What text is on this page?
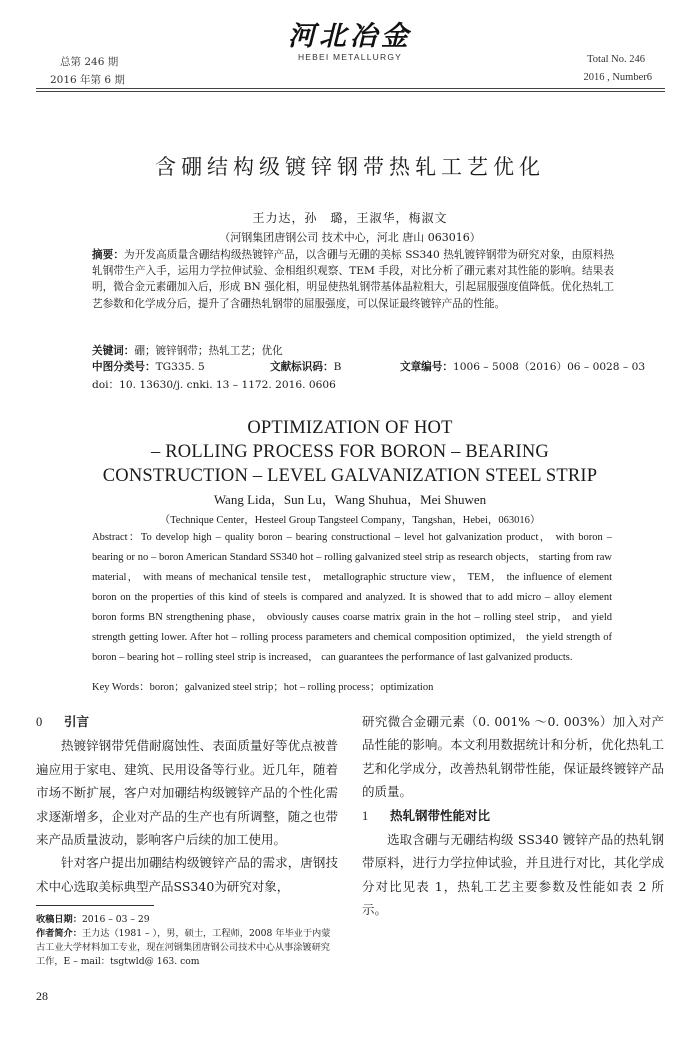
总第 246 期
2016 年第 6 期
河北冶金
HEBEI METALLURGY	Total No. 246
2016 , Number6
含硼结构级镀锌钢带热轧工艺优化
王力达，孙　璐，王淑华，梅淑文
（河钢集团唐钢公司 技术中心，河北 唐山 063016）
摘要：为开发高质量含硼结构级热镀锌产品，以含硼与无硼的美标 SS340 热轧镀锌钢带为研究对象，由原料热轧钢带生产入手，运用力学拉伸试验、金相组织观察、TEM 手段，对比分析了硼元素对其性能的影响。结果表明，微合金元素硼加入后，形成 BN 强化相，明显使热轧钢带基体晶粒粗大，引起屈服强度值降低。优化热轧工艺参数和化学成分后，提升了含硼热轧钢带的屈服强度，可以保证最终镀锌产品的性能。
关键词：硼；镀锌钢带；热轧工艺；优化
中图分类号：TG335. 5	文献标识码：B	文章编号：1006 – 5008（2016）06 – 0028 – 03
doi：10. 13630/j. cnki. 13 – 1172. 2016. 0606
OPTIMIZATION OF HOT
– ROLLING PROCESS FOR BORON – BEARING
CONSTRUCTION – LEVEL GALVANIZATION STEEL STRIP
Wang Lida，Sun Lu，Wang Shuhua，Mei Shuwen
（Technique Center，Hesteel Group Tangsteel Company，Tangshan，Hebei，063016）
Abstract：To develop high – quality boron – bearing constructional – level hot galvanization product， with boron – bearing or no – boron American Standard SS340 hot – rolling galvanized steel strip as research objects， starting from raw material， with means of mechanical tensile test， metallographic structure view， TEM， the influence of element boron on the properties of this kind of steels is compared and analyzed. It is showed that to add micro – alloy element boron forms BN strengthening phase， obviously causes coarse matrix grain in the hot – rolling steel strip， and yield strength getting lower. After hot – rolling process parameters and chemical composition optimized， the yield strength of boron – bearing hot – rolling steel strip is increased， can guarantees the performance of last galvanized products.
Key Words：boron；galvanized steel strip；hot – rolling process；optimization
0 引言

热镀锌钢带凭借耐腐蚀性、表面质量好等优点被普遍应用于家电、建筑、民用设备等行业。近几年，随着市场不断扩展，客户对加硼结构级镀锌产品的个性化需求逐渐增多，企业对产品的生产也有所调整，随之也带来产品质量波动，影响客户后续的加工使用。

针对客户提出加硼结构级镀锌产品的需求，唐钢技术中心选取美标典型产品SS340为研究对象，

研究微合金硼元素（0. 001% ～0. 003%）加入对产品性能的影响。本文利用数据统计和分析，优化热轧工艺和化学成分，改善热轧钢带性能，保证最终镀锌产品的质量。
1 热轧钢带性能对比

选取含硼与无硼结构级 SS340 镀锌产品的热轧钢带原料，进行力学拉伸试验，并且进行对比，其化学成分对比见表 1，热轧工艺主要参数及性能如表 2 所示。

收稿日期：2016 – 03 – 29
作者简介：王力达（1981 – ），男，硕士，工程师，2008 年毕业于内蒙古工业大学材料加工专业，现在河钢集团唐钢公司技术中心从事涂镀研究工作，E – mail：tsgtwld@ 163. com
28
